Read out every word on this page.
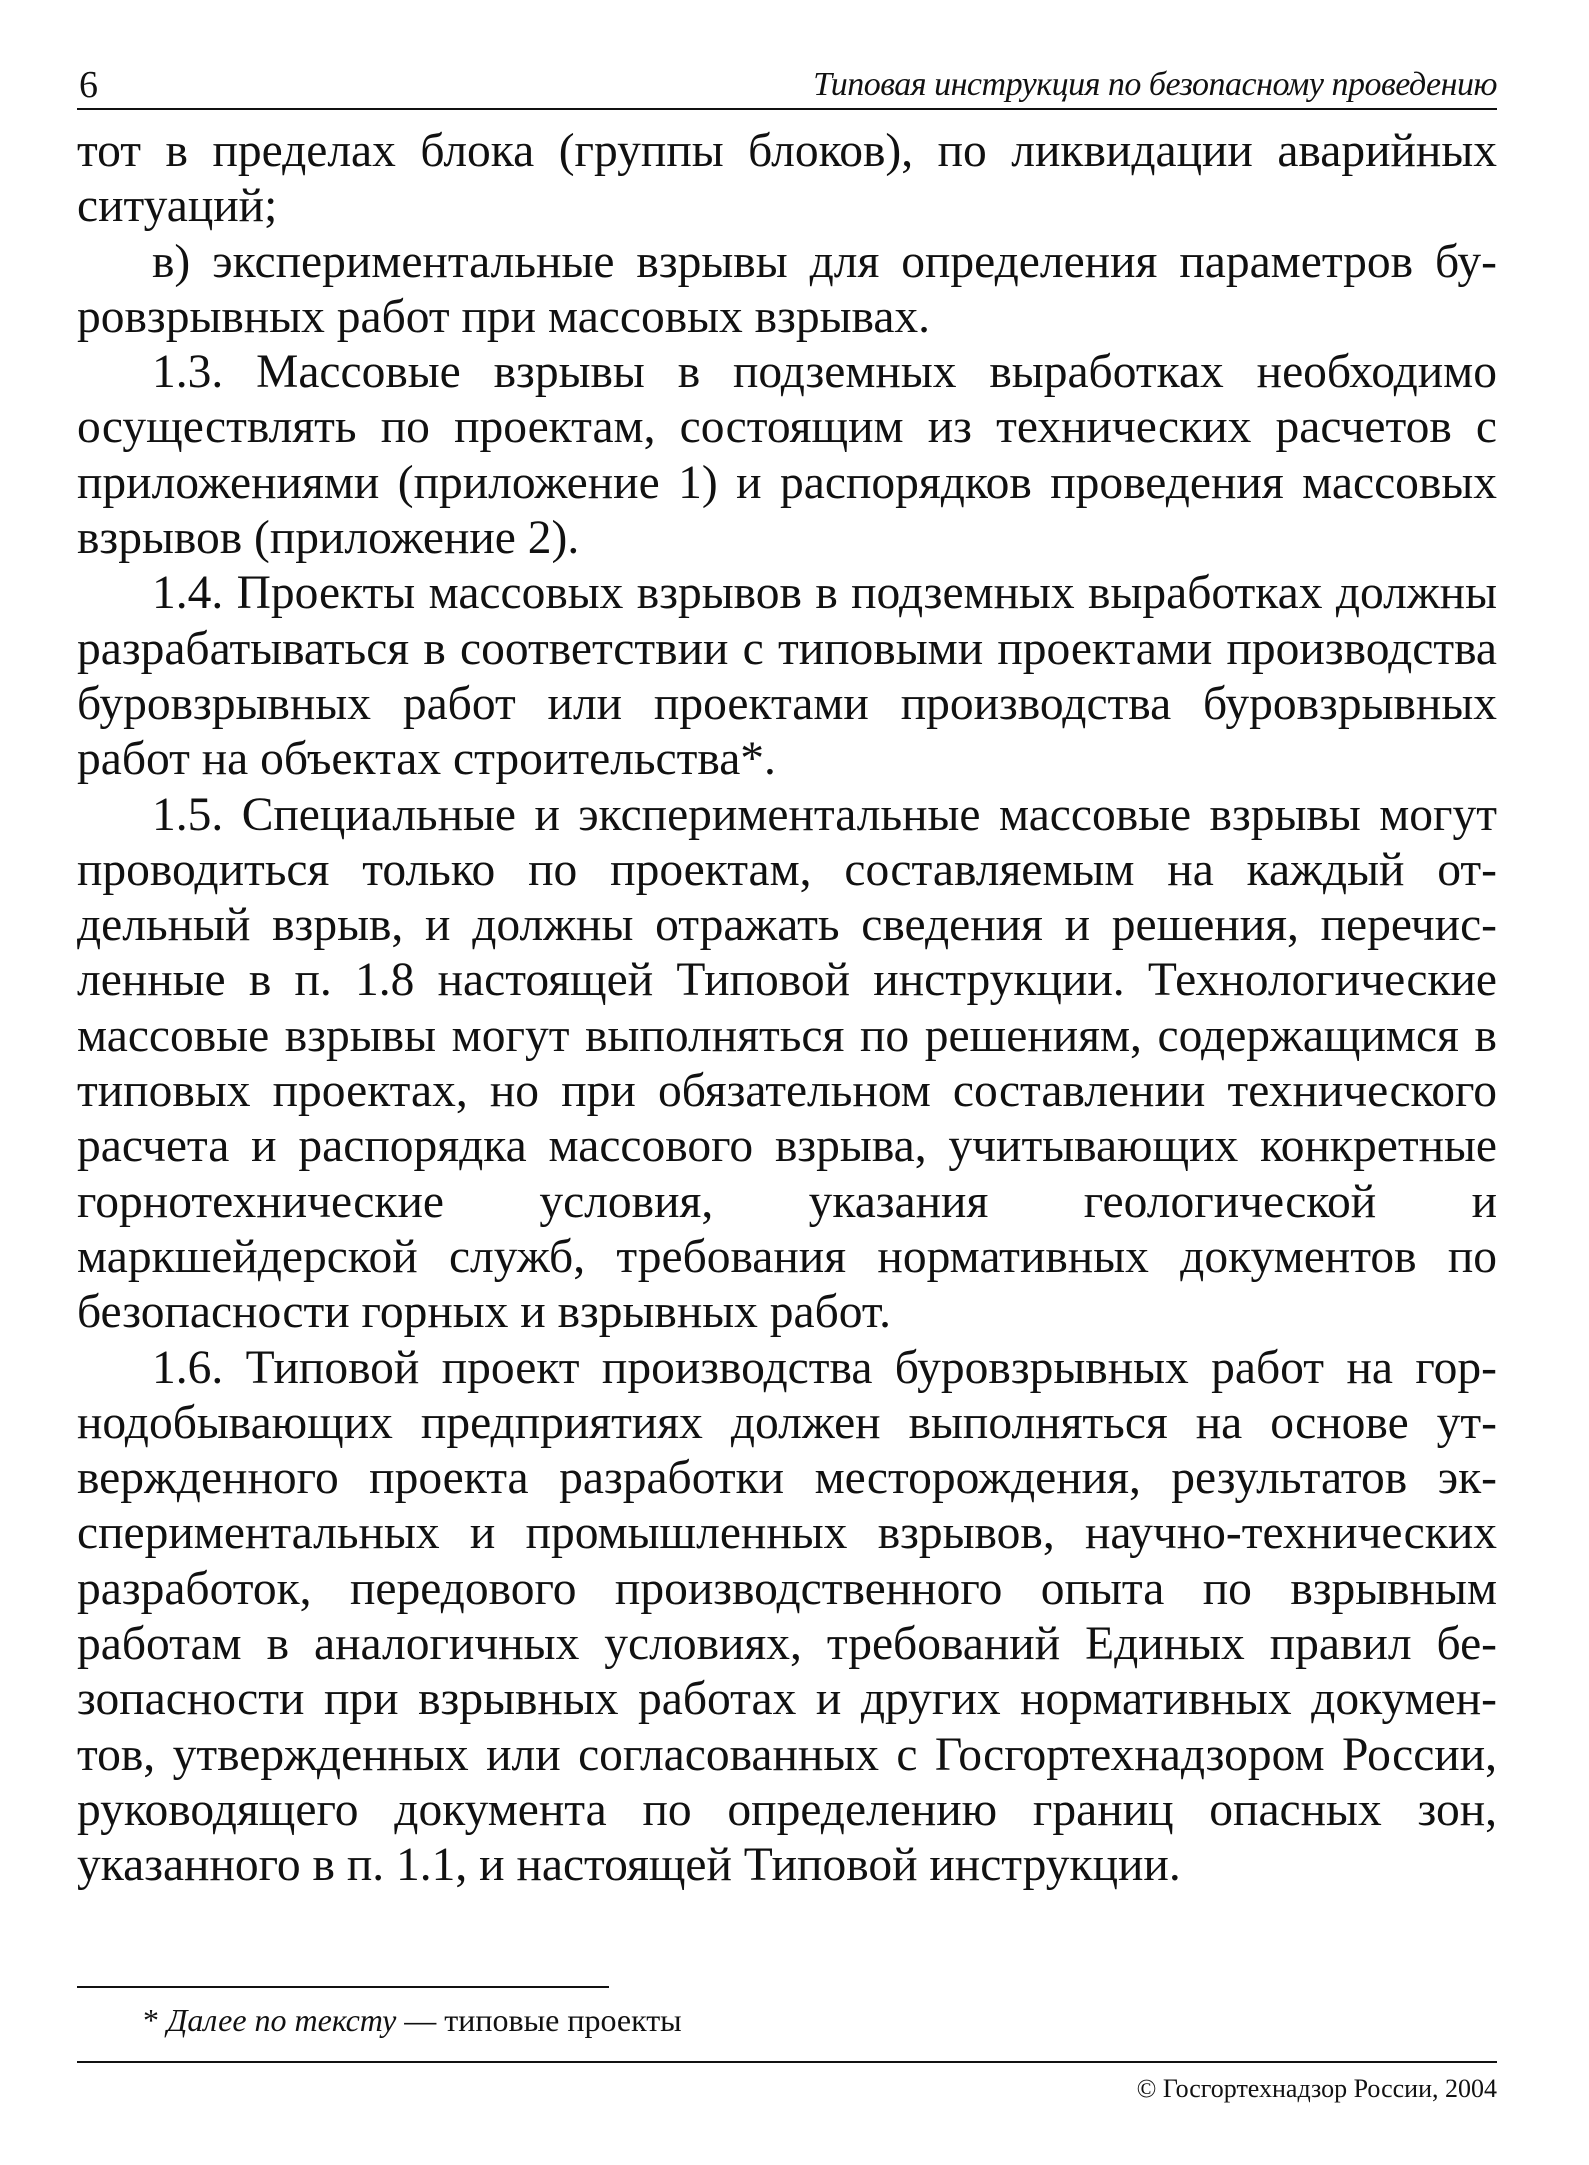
6	Типовая инструкция по безопасному проведению

тот в пределах блока (группы блоков), по ликвидации аварийных ситуаций;

в) экспериментальные взрывы для определения параметров буровзрывных работ при массовых взрывах.

1.3. Массовые взрывы в подземных выработках необходимо осуществлять по проектам, состоящим из технических расчетов с приложениями (приложение 1) и распорядков проведения массовых взрывов (приложение 2).

1.4. Проекты массовых взрывов в подземных выработках должны разрабатываться в соответствии с типовыми проектами производства буровзрывных работ или проектами производства буровзрывных работ на объектах строительства*.

1.5. Специальные и экспериментальные массовые взрывы могут проводиться только по проектам, составляемым на каждый отдельный взрыв, и должны отражать сведения и решения, перечисленные в п. 1.8 настоящей Типовой инструкции. Технологические массовые взрывы могут выполняться по решениям, содержащимся в типовых проектах, но при обязательном составлении технического расчета и распорядка массового взрыва, учитывающих конкретные горнотехнические условия, указания геологической и маркшейдерской служб, требования нормативных документов по безопасности горных и взрывных работ.

1.6. Типовой проект производства буровзрывных работ на горнодобывающих предприятиях должен выполняться на основе утвержденного проекта разработки месторождения, результатов экспериментальных и промышленных взрывов, научно-технических разработок, передового производственного опыта по взрывным работам в аналогичных условиях, требований Единых правил безопасности при взрывных работах и других нормативных документов, утвержденных или согласованных с Госгортехнадзором России, руководящего документа по определению границ опасных зон, указанного в п. 1.1, и настоящей Типовой инструкции.

* Далее по тексту — типовые проекты
© Госгортехнадзор России, 2004
